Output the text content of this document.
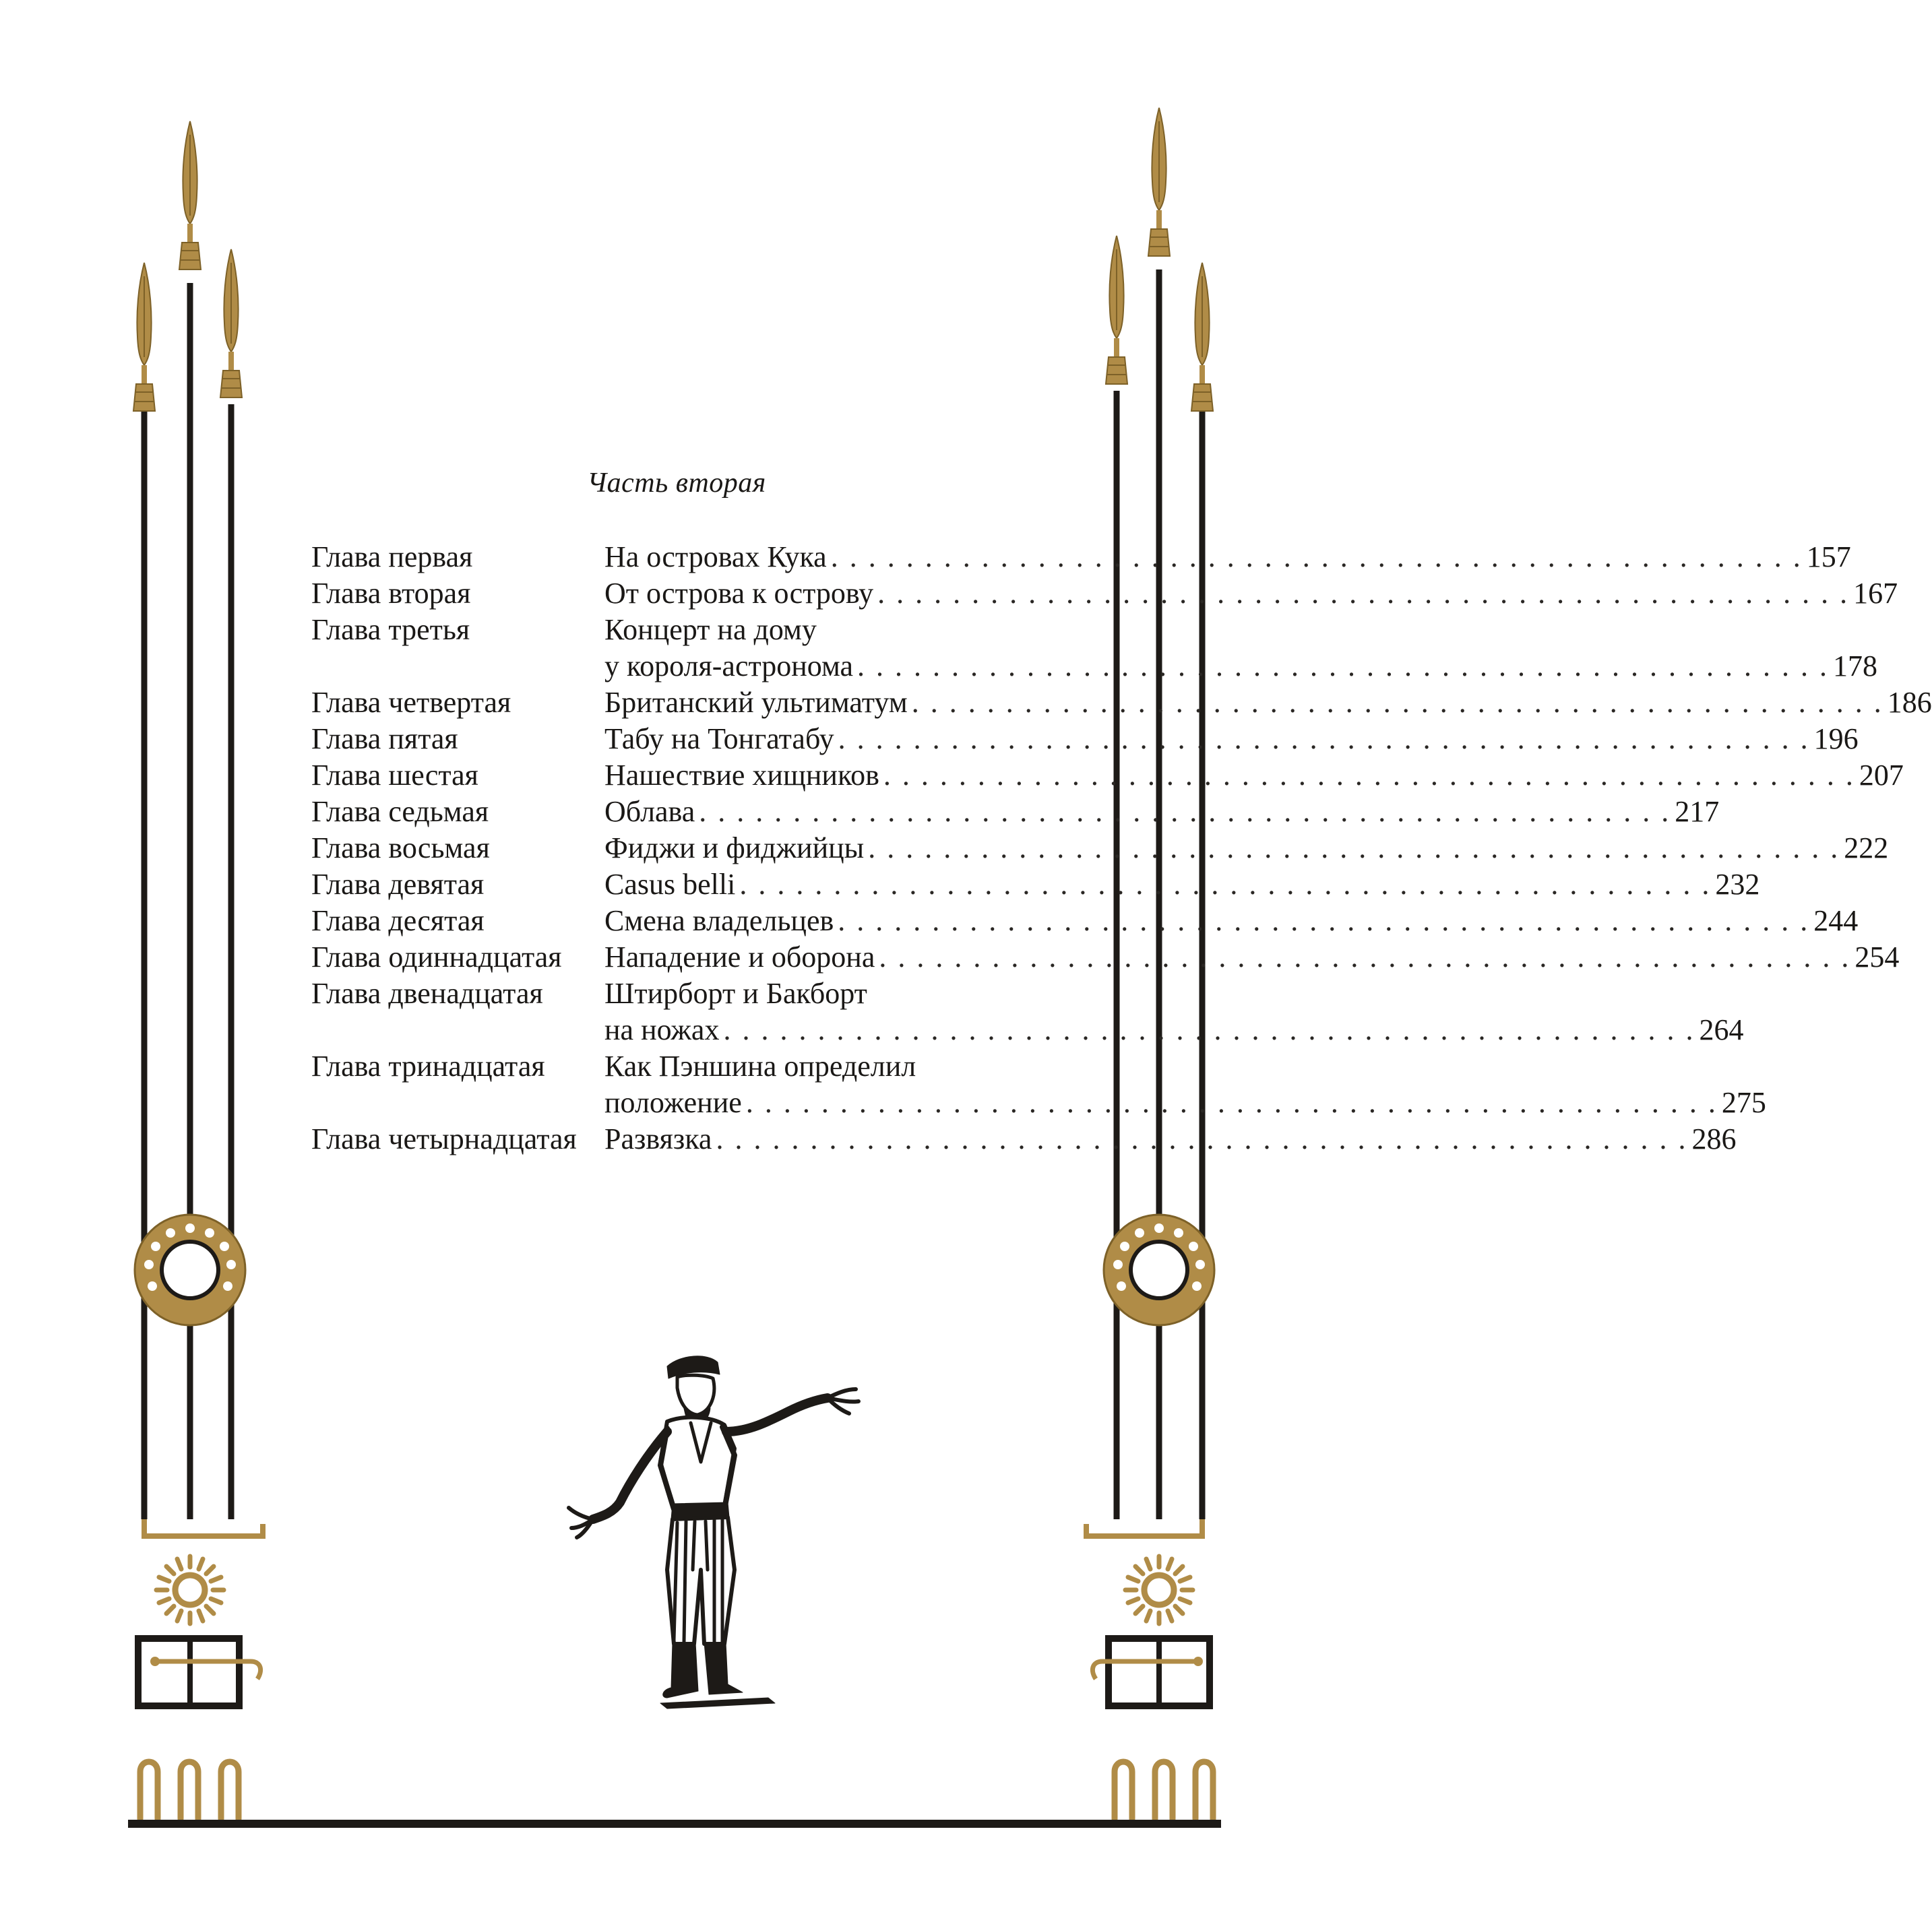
Часть вторая
Глава первая	На островах Кука . . . . . . . . . . . . . . . . . . . . . . . . . . . . . . . . . . . . . . . . . . . . . . . . . . . . 157
Глава вторая	От острова к острову . . . . . . . . . . . . . . . . . . . . . . . . . . . . . . . . . . . . . . . . . . . . . . . . . . . . 167
Глава третья	Концерт на дому
у короля-астронома . . . . . . . . . . . . . . . . . . . . . . . . . . . . . . . . . . . . . . . . . . . . . . . . . . . . 178
Глава четвертая	Британский ультиматум . . . . . . . . . . . . . . . . . . . . . . . . . . . . . . . . . . . . . . . . . . . . . . . . . . . . 186
Глава пятая	Табу на Тонгатабу . . . . . . . . . . . . . . . . . . . . . . . . . . . . . . . . . . . . . . . . . . . . . . . . . . . . 196
Глава шестая	Нашествие хищников . . . . . . . . . . . . . . . . . . . . . . . . . . . . . . . . . . . . . . . . . . . . . . . . . . . . 207
Глава седьмая	Облава . . . . . . . . . . . . . . . . . . . . . . . . . . . . . . . . . . . . . . . . . . . . . . . . . . . . 217
Глава восьмая	Фиджи и фиджийцы . . . . . . . . . . . . . . . . . . . . . . . . . . . . . . . . . . . . . . . . . . . . . . . . . . . . 222
Глава девятая	Casus belli . . . . . . . . . . . . . . . . . . . . . . . . . . . . . . . . . . . . . . . . . . . . . . . . . . . . 232
Глава десятая	Смена владельцев . . . . . . . . . . . . . . . . . . . . . . . . . . . . . . . . . . . . . . . . . . . . . . . . . . . . 244
Глава одиннадцатая	Нападение и оборона . . . . . . . . . . . . . . . . . . . . . . . . . . . . . . . . . . . . . . . . . . . . . . . . . . . . 254
Глава двенадцатая	Штирборт и Бакборт
на ножах . . . . . . . . . . . . . . . . . . . . . . . . . . . . . . . . . . . . . . . . . . . . . . . . . . . . 264
Глава тринадцатая	Как Пэншина определил
положение . . . . . . . . . . . . . . . . . . . . . . . . . . . . . . . . . . . . . . . . . . . . . . . . . . . . 275
Глава четырнадцатая Развязка . . . . . . . . . . . . . . . . . . . . . . . . . . . . . . . . . . . . . . . . . . . . . . . . . . . . 286
